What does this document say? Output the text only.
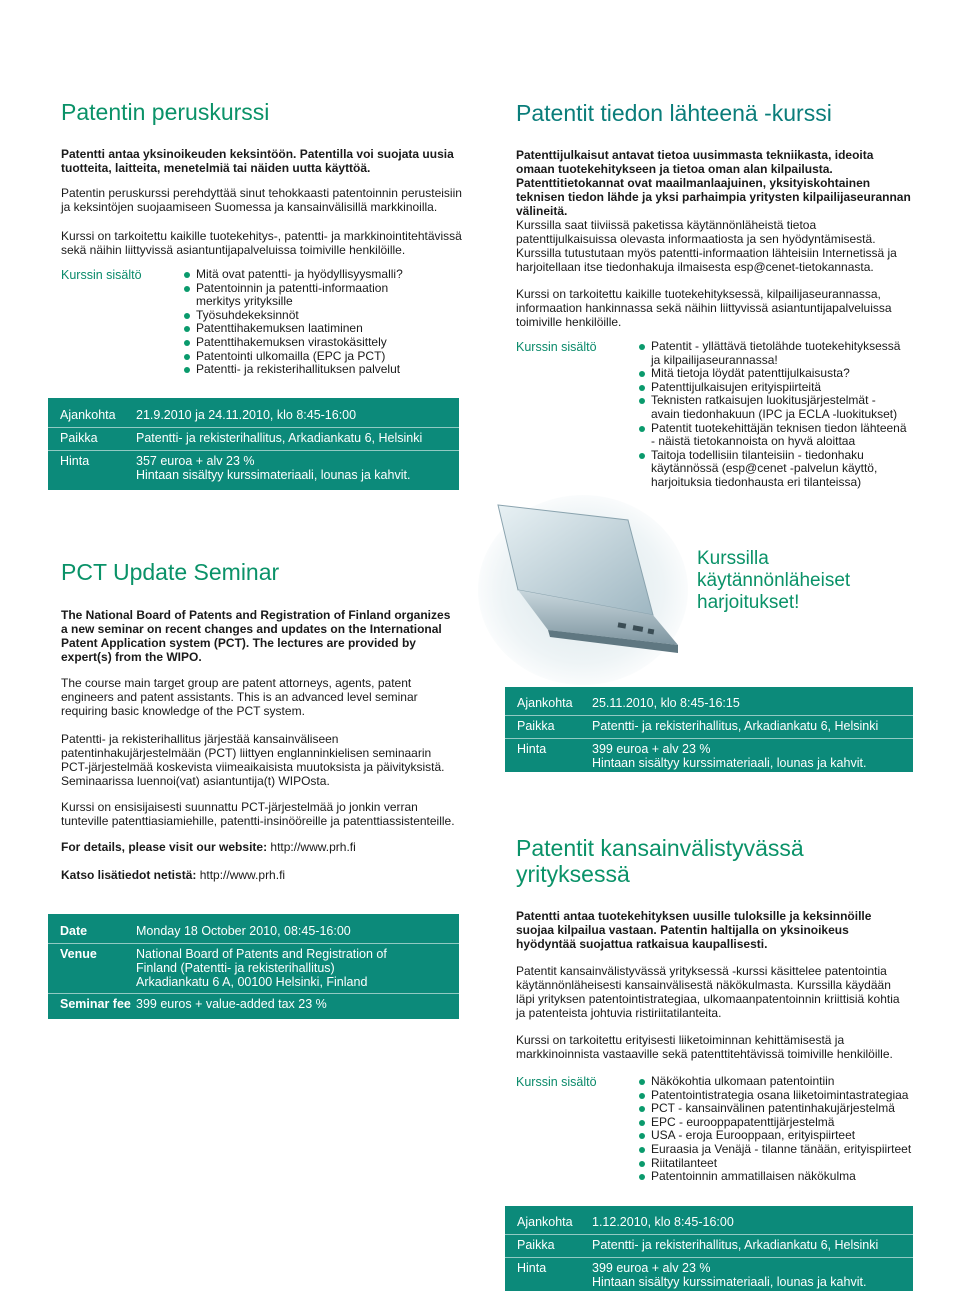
Patentin peruskurssi
Patentti antaa yksinoikeuden keksintöön. Patentilla voi suojata uusia tuotteita, laitteita, menetelmiä tai näiden uutta käyttöä.
Patentin peruskurssi perehdyttää sinut tehokkaasti patentoinnin perusteisiin ja keksintöjen suojaamiseen Suomessa ja kansainvälisillä markkinoilla.
Kurssi on tarkoitettu kaikille tuotekehitys-, patentti- ja markkinointitehtävissä sekä näihin liittyvissä asiantuntijapalveluissa toimiville henkilöille.
Kurssin sisältö	Mitä ovat patentti- ja hyödyllisyysmalli?
Patentoinnin ja patentti-informaation merkitys yrityksille
Työsuhdekeksinnöt
Patenttihakemuksen laatiminen
Patenttihakemuksen virastokäsittely
Patentointi ulkomailla (EPC ja PCT)
Patentti- ja rekisterihallituksen palvelut
Ajankohta 21.9.2010 ja 24.11.2010, klo 8:45-16:00
Paikka	Patentti- ja rekisterihallitus, Arkadiankatu 6, Helsinki
Hinta	357 euroa + alv 23 %
Hintaan sisältyy kurssimateriaali, lounas ja kahvit.
Patentit tiedon lähteenä -kurssi
Patenttijulkaisut antavat tietoa uusimmasta tekniikasta, ideoita omaan tuotekehitykseen ja tietoa oman alan kilpailusta. Patenttitietokannat ovat maailmanlaajuinen, yksityiskohtainen teknisen tiedon lähde ja yksi parhaimpia yritysten kilpailijaseurannan välineitä.
Kurssilla saat tiiviissä paketissa käytännönläheistä tietoa patenttijulkaisuissa olevasta informaatiosta ja sen hyödyntämisestä. Kurssilla tutustutaan myös patentti-informaation lähteisiin Internetissä ja harjoitellaan itse tiedonhakuja ilmaisesta esp@cenet-tietokannasta.
Kurssi on tarkoitettu kaikille tuotekehityksessä, kilpailijaseurannassa, informaation hankinnassa sekä näihin liittyvissä asiantuntijapalveluissa toimiville henkilöille.
Kurssin sisältö	Patentit - yllättävä tietolähde tuotekehityksessä ja kilpailijaseurannassa!
Mitä tietoja löydät patenttijulkaisusta?
Patenttijulkaisujen erityispiirteitä
Teknisten ratkaisujen luokitusjärjestelmät - avain tiedonhakuun (IPC ja ECLA -luokitukset)
Patentit tuotekehittäjän teknisen tiedon lähteenä - näistä tietokannoista on hyvä aloittaa
Taitoja todellisiin tilanteisiin - tiedonhaku käytännössä (esp@cenet -palvelun käyttö, harjoituksia tiedonhausta eri tilanteissa)
Kurssilla käytännönläheiset harjoitukset!
Ajankohta 25.11.2010, klo 8:45-16:15
Paikka	Patentti- ja rekisterihallitus, Arkadiankatu 6, Helsinki
Hinta	399 euroa + alv 23 %
Hintaan sisältyy kurssimateriaali, lounas ja kahvit.
PCT Update Seminar
The National Board of Patents and Registration of Finland organizes a new seminar on recent changes and updates on the International Patent Application system (PCT). The lectures are provided by expert(s) from the WIPO.
The course main target group are patent attorneys, agents, patent engineers and patent assistants. This is an advanced level seminar requiring basic knowledge of the PCT system.
Patentti- ja rekisterihallitus järjestää kansainväliseen patentinhakujärjestelmään (PCT) liittyen englanninkielisen seminaarin PCT-järjestelmää koskevista viimeaikaisista muutoksista ja päivityksistä. Seminaarissa luennoi(vat) asiantuntija(t) WIPOsta.
Kurssi on ensisijaisesti suunnattu PCT-järjestelmää jo jonkin verran tunteville patenttiasiamiehille, patentti-insinööreille ja patenttiassistenteille.
For details, please visit our website: http://www.prh.fi
Katso lisätiedot netistä: http://www.prh.fi
Date	Monday 18 October 2010, 08:45-16:00
Venue	National Board of Patents and Registration of
Finland (Patentti- ja rekisterihallitus)
Arkadiankatu 6 A, 00100 Helsinki, Finland
Seminar fee 399 euros + value-added tax 23 %
Patentit kansainvälistyvässä
yrityksessä
Patentti antaa tuotekehityksen uusille tuloksille ja keksinnöille suojaa kilpailua vastaan. Patentin haltijalla on yksinoikeus hyödyntää suojattua ratkaisua kaupallisesti.
Patentit kansainvälistyvässä yrityksessä -kurssi käsittelee patentointia käytännönläheisesti kansainvälisestä näkökulmasta. Kurssilla käydään läpi yrityksen patentointistrategiaa, ulkomaanpatentoinnin kriittisiä kohtia ja patenteista johtuvia ristiriitatilanteita.
Kurssi on tarkoitettu erityisesti liiketoiminnan kehittämisestä ja markkinoinnista vastaaville sekä patenttitehtävissä toimiville henkilöille.
Kurssin sisältö	Näkökohtia ulkomaan patentointiin
Patentointistrategia osana liiketoimintastrategiaa
PCT - kansainvälinen patentinhakujärjestelmä
EPC - eurooppapatenttijärjestelmä
USA - eroja Eurooppaan, erityispiirteet
Euraasia ja Venäjä - tilanne tänään, erityispiirteet
Riitatilanteet
Patentoinnin ammatillaisen näkökulma
Ajankohta 1.12.2010, klo 8:45-16:00
Paikka	Patentti- ja rekisterihallitus, Arkadiankatu 6, Helsinki
Hinta	399 euroa + alv 23 %
Hintaan sisältyy kurssimateriaali, lounas ja kahvit.
